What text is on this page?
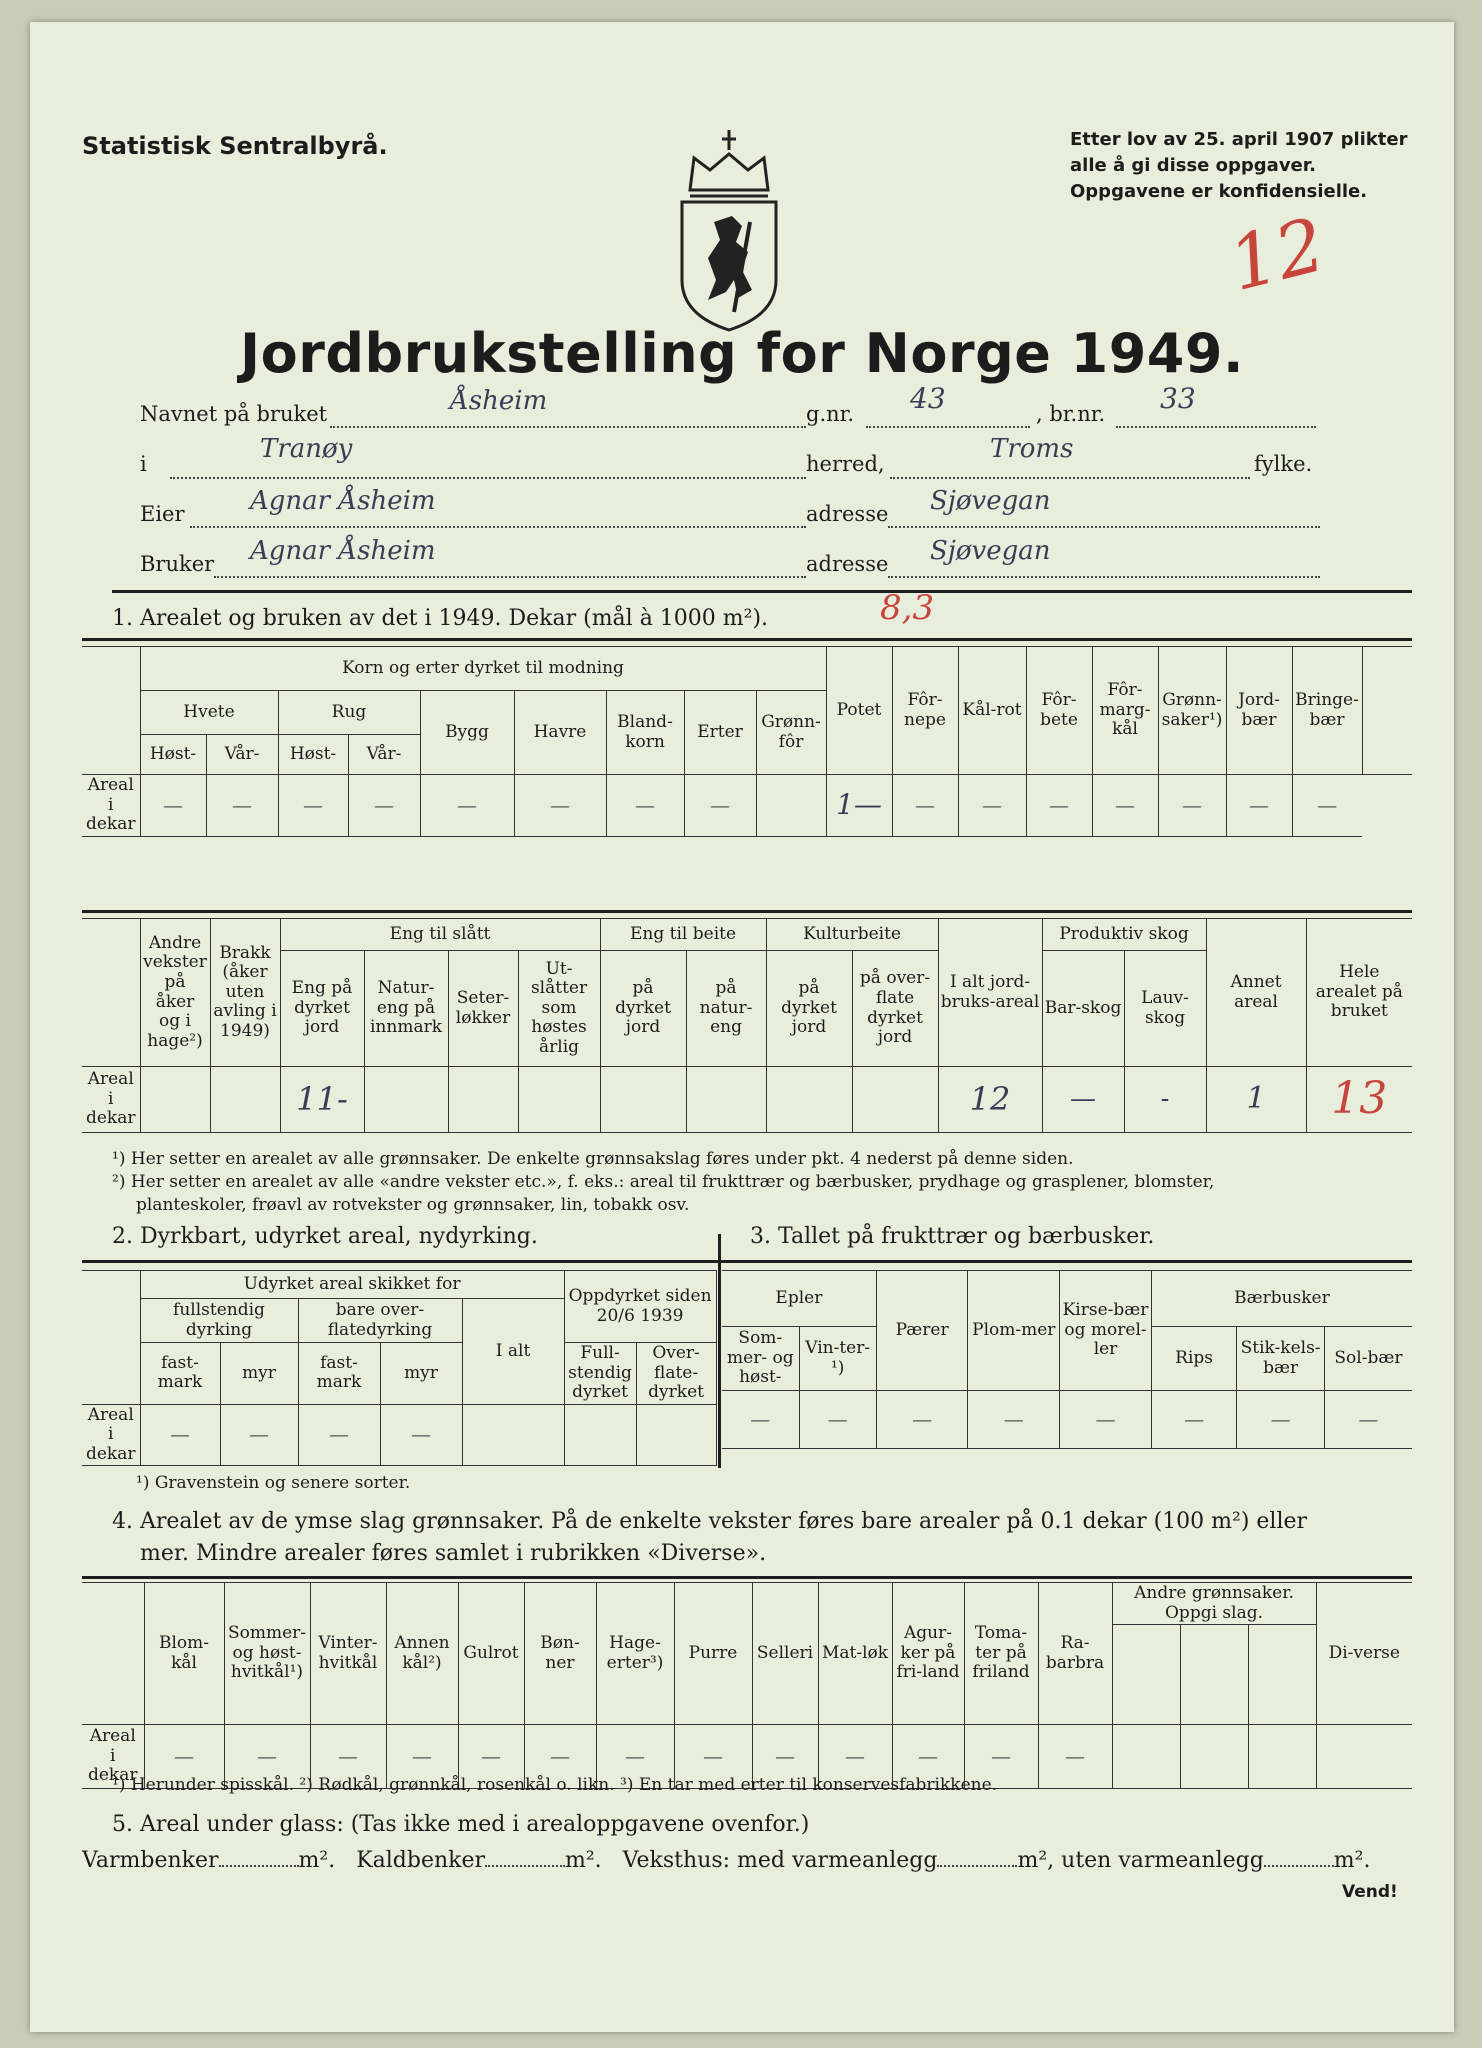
Statistisk Sentralbyrå.	Etter lov av 25. april 1907 plikter
alle å gi disse oppgaver.
Oppgavene er konfidensielle.
12
Jordbrukstelling for Norge 1949.
Navnet på bruket	Åsheim	g.nr. 43	, br.nr. 33
i	Tranøy	herred,	Troms	fylke.
Eier	Agnar Åsheim	adresse Sjøvegan
Bruker Agnar Åsheim	adresse Sjøvegan
1. Arealet og bruken av det i 1949. Dekar (mål à 1000 m²).	8,3
	Korn og erter dyrket til modning									Potet	Fôr-nepe	Kål-rot	Fôr-bete	Fôr-marg-kål	Grønn-saker¹)	Jord-bær	Bringe-bær	
	Hvete		Rug		Bygg	Havre	Bland-korn	Erter	Grønn-fôr									
	Høst-	Vår-	Høst-	Vår-														
Areal
i dekar	—	—	—	—	—	—	—	—		1—	—	—	—	—	—	—	—	
	Andre vekster på åker og i hage²)	Brakk (åker uten avling i 1949)	Eng til slått				Eng til beite		Kulturbeite		I alt jord-bruks-areal	Produktiv skog		Annet areal	Hele arealet på bruket
			Eng på dyrket jord	Natur-eng på innmark	Seter-løkker	Ut-slåtter som høstes årlig	på dyrket jord	på natur-eng	på dyrket jord	på over-flate dyrket jord		Bar-skog	Lauv-skog		
Areal
i dekar			11-								12	—	-	1	13
¹) Her setter en arealet av alle grønnsaker. De enkelte grønnsakslag føres under pkt. 4 nederst på denne siden.
²) Her setter en arealet av alle «andre vekster etc.», f. eks.: areal til frukttrær og bærbusker, prydhage og grasplener, blomster,
planteskoler, frøavl av rotvekster og grønnsaker, lin, tobakk osv.
2. Dyrkbart, udyrket areal, nydyrking.	3. Tallet på frukttrær og bærbusker.
	Udyrket areal skikket for					Oppdyrket siden 20/6 1939	
	fullstendig dyrking		bare over-flatedyrking		I alt		
	fast-mark	myr	fast-mark	myr		Full-stendig dyrket	Over-flate-dyrket
Areal
i dekar	—	—	—	—			
Epler		Pærer	Plom-mer	Kirse-bær og morel-ler	Bærbusker		
Som-mer- og høst-	Vin-ter-¹)				Rips	Stik-kels-bær	Sol-bær
—	—	—	—	—	—	—	—
¹) Gravenstein og senere sorter.
4. Arealet av de ymse slag grønnsaker. På de enkelte vekster føres bare arealer på 0.1 dekar (100 m²) eller
mer. Mindre arealer føres samlet i rubrikken «Diverse».
	Blom-kål	Sommer-og høst-hvitkål¹)	Vinter-hvitkål	Annen kål²)	Gulrot	Bøn-ner	Hage-erter³)	Purre	Selleri	Mat-løk	Agur-ker på fri-land	Toma-ter på friland	Ra-barbra	Andre grønnsaker. Oppgi slag.			Di-verse

Areal
i dekar	—	—	—	—	—	—	—	—	—	—	—	—	—				
¹) Herunder spisskål. ²) Rødkål, grønnkål, rosenkål o. likn. ³) En tar med erter til konservesfabrikkene.
5. Areal under glass: (Tas ikke med i arealoppgavene ovenfor.)
Varmbenker	m². Kaldbenker	m². Veksthus: med varmeanlegg	m², uten varmeanlegg	m².
Vend!
